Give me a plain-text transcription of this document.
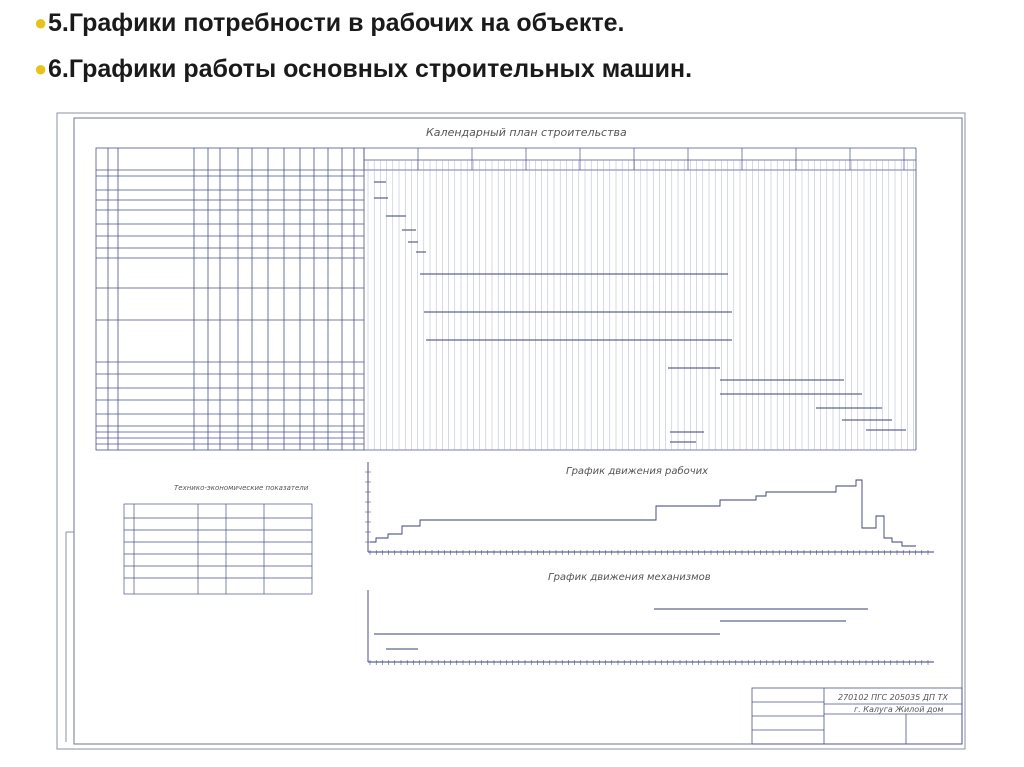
● 5.Графики потребности в рабочих на объекте.
● 6.Графики работы основных строительных машин.
Календарный план строительства
График движения рабочих
График движения механизмов
Технико-экономические показатели
270102 ПГС 205035 ДП ТХ
г. Калуга Жилой дом
